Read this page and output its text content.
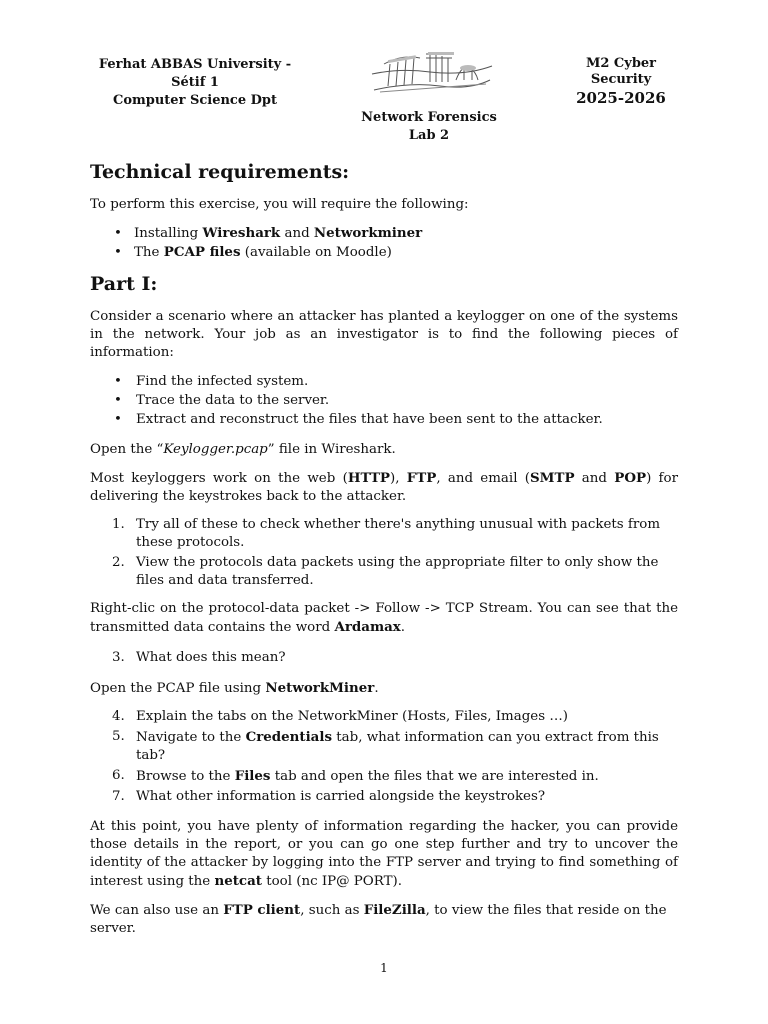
Ferhat ABBAS University - Sétif 1
Computer Science Dpt
M2 Cyber Security
2025-2026
Network Forensics
Lab 2
Technical requirements:

To perform this exercise, you will require the following:

• Installing Wireshark and Networkminer
• The PCAP files (available on Moodle)
Part I:

Consider a scenario where an attacker has planted a keylogger on one of the systems in the network. Your job as an investigator is to find the following pieces of information:

• Find the infected system.
• Trace the data to the server.
• Extract and reconstruct the files that have been sent to the attacker.

Open the “Keylogger.pcap” file in Wireshark.

Most keyloggers work on the web (HTTP), FTP, and email (SMTP and POP) for delivering the keystrokes back to the attacker.

1. Try all of these to check whether there's anything unusual with packets from these protocols.
2. View the protocols data packets using the appropriate filter to only show the files and data transferred.

Right-clic on the protocol-data packet -> Follow -> TCP Stream. You can see that the transmitted data contains the word Ardamax.

3. What does this mean?

Open the PCAP file using NetworkMiner.

4. Explain the tabs on the NetworkMiner (Hosts, Files, Images …)
5. Navigate to the Credentials tab, what information can you extract from this tab?
6. Browse to the Files tab and open the files that we are interested in.
7. What other information is carried alongside the keystrokes?

At this point, you have plenty of information regarding the hacker, you can provide those details in the report, or you can go one step further and try to uncover the identity of the attacker by logging into the FTP server and trying to find something of interest using the netcat tool (nc IP@ PORT).

We can also use an FTP client, such as FileZilla, to view the files that reside on the server.

1
